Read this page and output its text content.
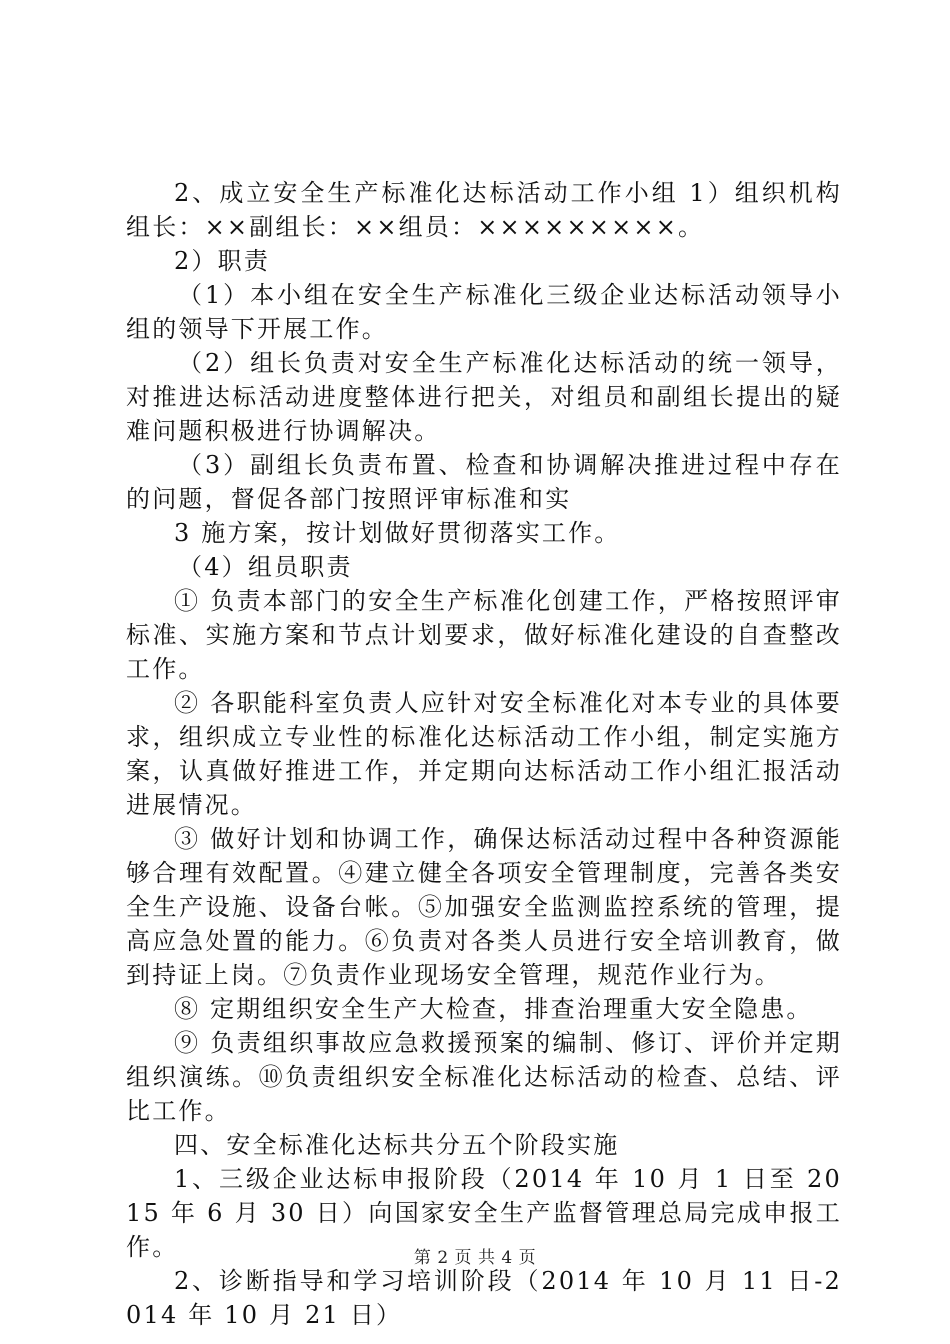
2、成立安全生产标准化达标活动工作小组 1）组织机构组长：××副组长：××组员：×××××××××。

2）职责

（1）本小组在安全生产标准化三级企业达标活动领导小组的领导下开展工作。

（2）组长负责对安全生产标准化达标活动的统一领导，对推进达标活动进度整体进行把关，对组员和副组长提出的疑难问题积极进行协调解决。

（3）副组长负责布置、检查和协调解决推进过程中存在的问题，督促各部门按照评审标准和实

3 施方案，按计划做好贯彻落实工作。

（4）组员职责

① 负责本部门的安全生产标准化创建工作，严格按照评审标准、实施方案和节点计划要求，做好标准化建设的自查整改工作。

② 各职能科室负责人应针对安全标准化对本专业的具体要求，组织成立专业性的标准化达标活动工作小组，制定实施方案，认真做好推进工作，并定期向达标活动工作小组汇报活动进展情况。

③ 做好计划和协调工作，确保达标活动过程中各种资源能够合理有效配置。④建立健全各项安全管理制度，完善各类安全生产设施、设备台帐。⑤加强安全监测监控系统的管理，提高应急处置的能力。⑥负责对各类人员进行安全培训教育，做到持证上岗。⑦负责作业现场安全管理，规范作业行为。

⑧ 定期组织安全生产大检查，排查治理重大安全隐患。

⑨ 负责组织事故应急救援预案的编制、修订、评价并定期组织演练。⑩负责组织安全标准化达标活动的检查、总结、评比工作。

四、安全标准化达标共分五个阶段实施

1、三级企业达标申报阶段（2014 年 10 月 1 日至 2015 年 6 月 30 日）向国家安全生产监督管理总局完成申报工作。

2、诊断指导和学习培训阶段（2014 年 10 月 11 日-2014 年 10 月 21 日）

第 2 页 共 4 页
